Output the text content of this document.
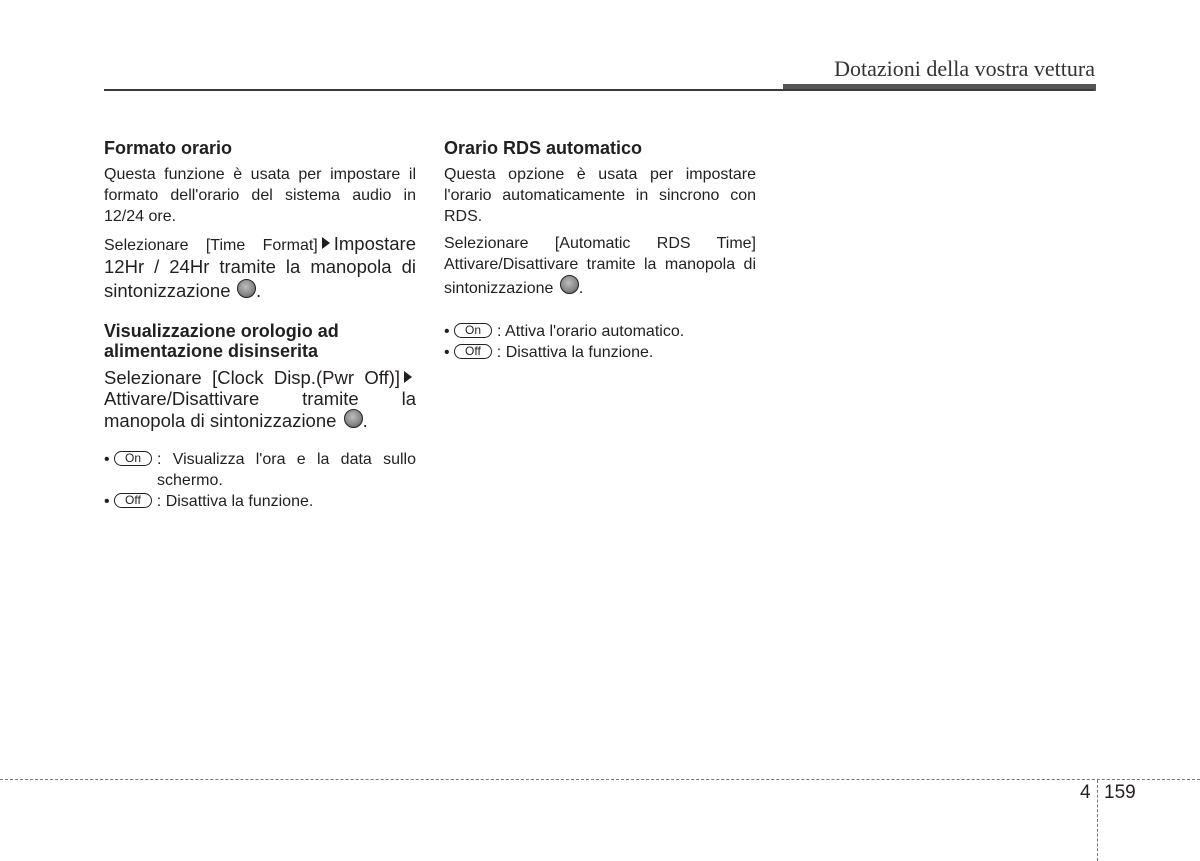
Dotazioni della vostra vettura
Formato orario

Questa funzione è usata per impostare il formato dell'orario del sistema audio in 12/24 ore.

Selezionare [Time Format] Impostare 12Hr / 24Hr tramite la manopola di sintonizzazione .

Visualizzazione orologio ad alimentazione disinserita

Selezionare [Clock Disp.(Pwr Off)]Attivare/Disattivare tramite la manopola di sintonizzazione .

•	On	: Visualizza l'ora e la data sullo schermo.
•	Off	: Disattiva la funzione.
Orario RDS automatico

Questa opzione è usata per impostare l'orario automaticamente in sincrono con RDS.

Selezionare [Automatic RDS Time] Attivare/Disattivare tramite la manopola di sintonizzazione .

•	On	: Attiva l'orario automatico.
•	Off	: Disattiva la funzione.
4 159
